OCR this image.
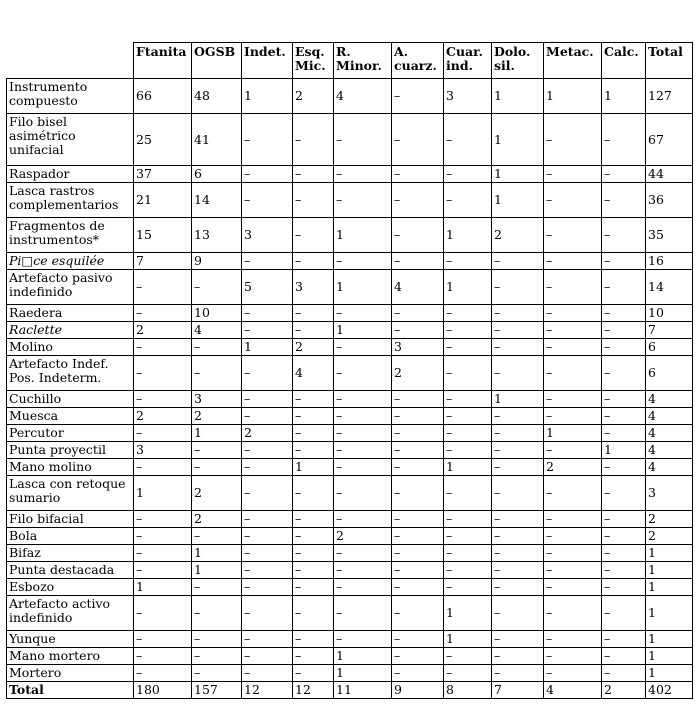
	Ftanita	OGSB	Indet.	Esq. Mic.	R. Minor.	A. cuarz.	Cuar. ind.	Dolo. sil.	Metac.	Calc.	Total
Instrumento compuesto	66	48	1	2	4	–	3	1	1	1	127
Filo bisel asimétrico unifacial	25	41	–	–	–	–	–	1	–	–	67
Raspador	37	6	–	–	–	–	–	1	–	–	44
Lasca rastros complementarios	21	14	–	–	–	–	–	1	–	–	36
Fragmentos de instrumentos*	15	13	3	–	1	–	1	2	–	–	35
Pi□ce esquilée	7	9	–	–	–	–	–	–	–	–	16
Artefacto pasivo indefinido	–	–	5	3	1	4	1	–	–	–	14
Raedera	–	10	–	–	–	–	–	–	–	–	10
Raclette	2	4	–	–	1	–	–	–	–	–	7
Molino	–	–	1	2	–	3	–	–	–	–	6
Artefacto Indef. Pos. Indeterm.	–	–	–	4	–	2	–	–	–	–	6
Cuchillo	–	3	–	–	–	–	–	1	–	–	4
Muesca	2	2	–	–	–	–	–	–	–	–	4
Percutor	–	1	2	–	–	–	–	–	1	–	4
Punta proyectil	3	–	–	–	–	–	–	–	–	1	4
Mano molino	–	–	–	1	–	–	1	–	2	–	4
Lasca con retoque sumario	1	2	–	–	–	–	–	–	–	–	3
Filo bifacial	–	2	–	–	–	–	–	–	–	–	2
Bola	–	–	–	–	2	–	–	–	–	–	2
Bifaz	–	1	–	–	–	–	–	–	–	–	1
Punta destacada	–	1	–	–	–	–	–	–	–	–	1
Esbozo	1	–	–	–	–	–	–	–	–	–	1
Artefacto activo indefinido	–	–	–	–	–	–	1	–	–	–	1
Yunque	–	–	–	–	–	–	1	–	–	–	1
Mano mortero	–	–	–	–	1	–	–	–	–	–	1
Mortero	–	–	–	–	1	–	–	–	–	–	1
Total	180	157	12	12	11	9	8	7	4	2	402
